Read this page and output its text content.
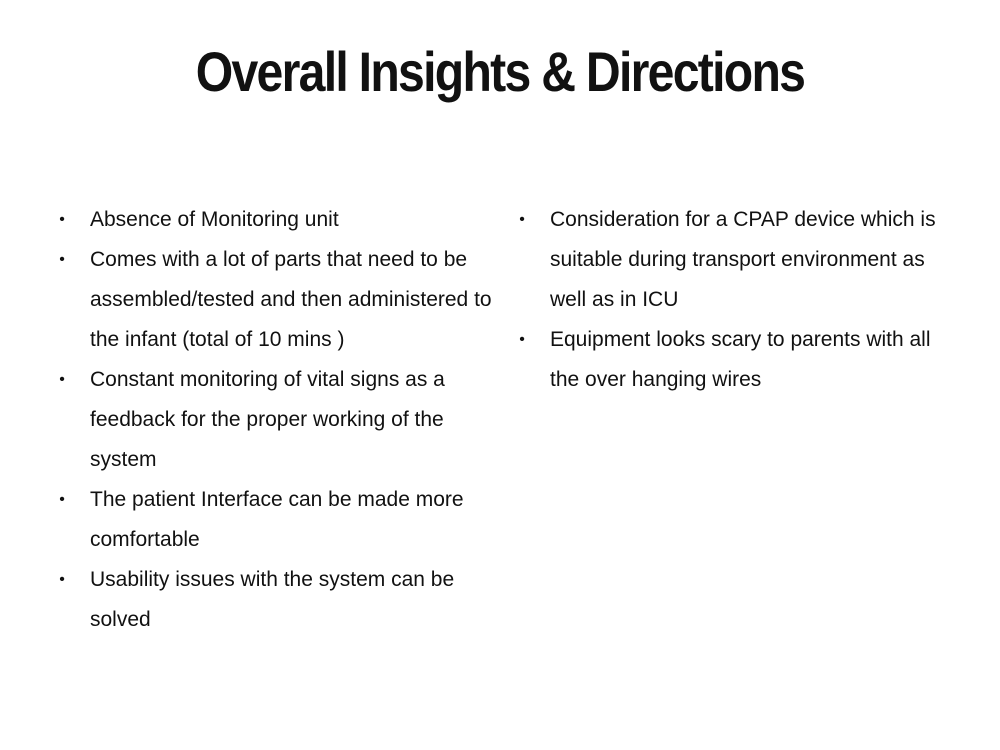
Overall Insights & Directions
• Absence of Monitoring unit
• Comes with a lot of parts that need to be assembled/tested and then administered to the infant (total of 10 mins )
• Constant monitoring of vital signs as a feedback for the proper working of the system
• The patient Interface can be made more comfortable
• Usability issues with the system can be solved
• Consideration for a CPAP device which is suitable during transport environment as well as in ICU
• Equipment looks scary to parents with all the over hanging wires
